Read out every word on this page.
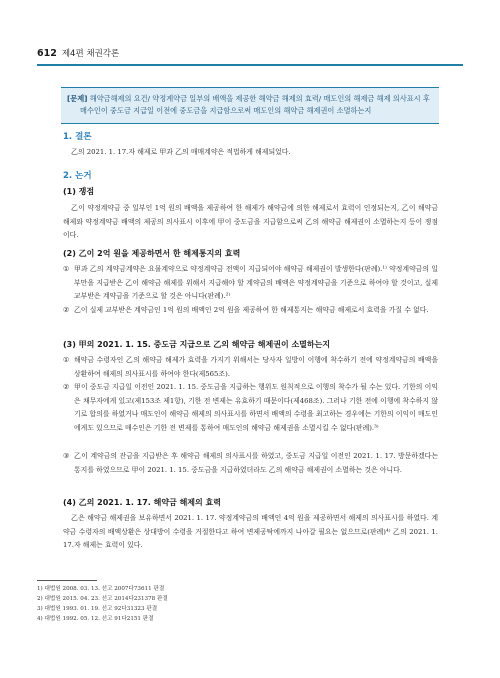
612 제4편 채권각론
[문제] 해약금해제의 요건/ 약정계약금 일부의 배액을 제공한 해약금 해제의 효력/ 매도인의 해제금 해제 의사표시 후
매수인이 중도금 지급일 이전에 중도금을 지급함으로써 매도인의 해약금 해제권이 소멸하는지
1. 결론
乙의 2021. 1. 17.자 해제로 甲과 乙의 매매계약은 적법하게 해제되었다.
2. 논거
(1) 쟁점
乙이 약정계약금 중 일부인 1억 원의 배액을 제공하여 한 해제가 해약금에 의한 해제로서 효력이 인정되는지, 乙이 해약금 해제와 약정계약금 배액의 제공의 의사표시 이후에 甲이 중도금을 지급함으로써 乙의 해약금 해제권이 소멸하는지 등이 쟁점이다.
(2) 乙이 2억 원을 제공하면서 한 해제통지의 효력
① 甲과 乙의 계약금계약은 요물계약으로 약정계약금 전액이 지급되어야 해약금 해제권이 발생한다(판례).¹⁾ 약정계약금의 일부만을 지급받은 乙이 해약금 해제를 위해서 지급해야 할 계약금의 배액은 약정계약금을 기준으로 하여야 할 것이고, 실제 교부받은 계약금을 기준으로 할 것은 아니다(판례).²⁾
② 乙이 실제 교부받은 계약금인 1억 원의 배액인 2억 원을 제공하여 한 해제통지는 해약금 해제로서 효력을 가질 수 없다.
(3) 甲의 2021. 1. 15. 중도금 지급으로 乙의 해약금 해제권이 소멸하는지
① 해약금 수령자인 乙의 해약금 해제가 효력을 가지기 위해서는 당사자 일방이 이행에 착수하기 전에 약정계약금의 배액을 상환하여 해제의 의사표시를 하여야 한다(제565조).
② 甲이 중도금 지급일 이전인 2021. 1. 15. 중도금을 지급하는 행위도 원칙적으로 이행의 착수가 될 수는 있다. 기한의 이익은 채무자에게 있고(제153조 제1항), 기한 전 변제는 유효하기 때문이다(제468조). 그러나 기한 전에 이행에 착수하지 않기로 합의를 하였거나 매도인이 해약금 해제의 의사표시를 하면서 배액의 수령을 최고하는 경우에는 기한의 이익이 매도인에게도 있으므로 매수인은 기한 전 변제를 통하여 매도인의 해약금 해제권을 소멸시킬 수 없다(판례).³⁾
③ 乙이 계약금의 잔금을 지급받은 후 해약금 해제의 의사표시를 하였고, 중도금 지급일 이전인 2021. 1. 17. 방문하겠다는 통지를 하였으므로 甲이 2021. 1. 15. 중도금을 지급하였더라도 乙의 해약금 해제권이 소멸하는 것은 아니다.
(4) 乙의 2021. 1. 17. 해약금 해제의 효력
乙은 해약금 해제권을 보유하면서 2021. 1. 17. 약정계약금의 배액인 4억 원을 제공하면서 해제의 의사표시를 하였다. 계약금 수령자의 배액상환은 상대방이 수령을 거절한다고 하여 변제공탁에까지 나아갈 필요는 없으므로(판례)⁴⁾ 乙의 2021. 1. 17.자 해제는 효력이 있다.
1) 대법원 2008. 03. 13. 선고 2007다73611 판결
2) 대법원 2015. 04. 23. 선고 2014다231378 판결
3) 대법원 1993. 01. 19. 선고 92다31323 판결
4) 대법원 1992. 05. 12. 선고 91다2151 판결
